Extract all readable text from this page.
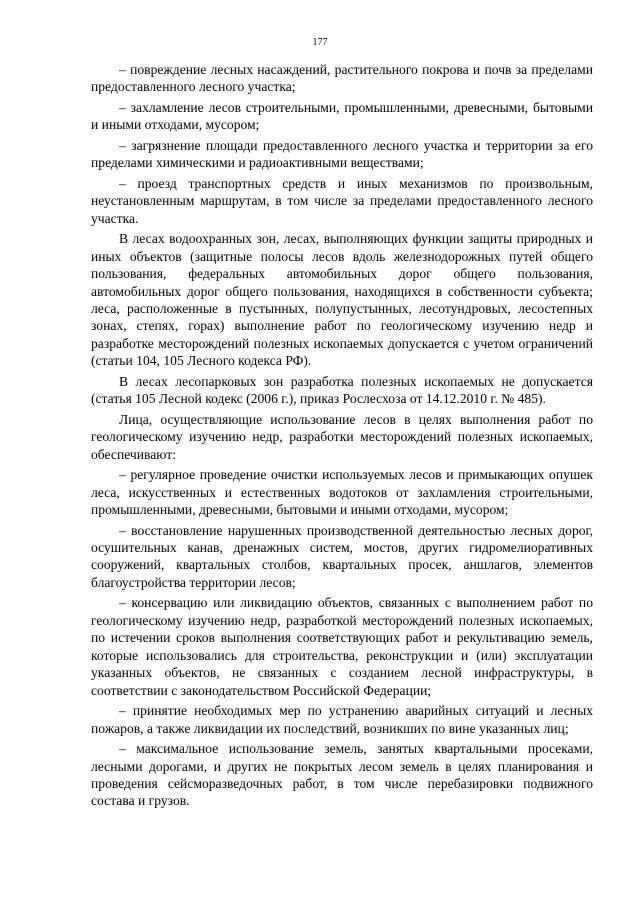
177

– повреждение лесных насаждений, растительного покрова и почв за пределами предоставленного лесного участка;

– захламление лесов строительными, промышленными, древесными, бытовыми и иными отходами, мусором;

– загрязнение площади предоставленного лесного участка и территории за его пределами химическими и радиоактивными веществами;

– проезд транспортных средств и иных механизмов по произвольным, неустановленным маршрутам, в том числе за пределами предоставленного лесного участка.

В лесах водоохранных зон, лесах, выполняющих функции защиты природных и иных объектов (защитные полосы лесов вдоль железнодорожных путей общего пользования, федеральных автомобильных дорог общего пользования, автомобильных дорог общего пользования, находящихся в собственности субъекта; леса, расположенные в пустынных, полупустынных, лесотундровых, лесостепных зонах, степях, горах) выполнение работ по геологическому изучению недр и разработке месторождений полезных ископаемых допускается с учетом ограничений (статьи 104, 105 Лесного кодекса РФ).

В лесах лесопарковых зон разработка полезных ископаемых не допускается (статья 105 Лесной кодекс (2006 г.), приказ Рослесхоза от 14.12.2010 г. № 485).

Лица, осуществляющие использование лесов в целях выполнения работ по геологическому изучению недр, разработки месторождений полезных ископаемых, обеспечивают:

– регулярное проведение очистки используемых лесов и примыкающих опушек леса, искусственных и естественных водотоков от захламления строительными, промышленными, древесными, бытовыми и иными отходами, мусором;

– восстановление нарушенных производственной деятельностью лесных дорог, осушительных канав, дренажных систем, мостов, других гидромелиоративных сооружений, квартальных столбов, квартальных просек, аншлагов, элементов благоустройства территории лесов;

– консервацию или ликвидацию объектов, связанных с выполнением работ по геологическому изучению недр, разработкой месторождений полезных ископаемых, по истечении сроков выполнения соответствующих работ и рекультивацию земель, которые использовались для строительства, реконструкции и (или) эксплуатации указанных объектов, не связанных с созданием лесной инфраструктуры, в соответствии с законодательством Российской Федерации;

– принятие необходимых мер по устранению аварийных ситуаций и лесных пожаров, а также ликвидации их последствий, возникших по вине указанных лиц;

– максимальное использование земель, занятых квартальными просеками, лесными дорогами, и других не покрытых лесом земель в целях планирования и проведения сейсморазведочных работ, в том числе перебазировки подвижного состава и грузов.
